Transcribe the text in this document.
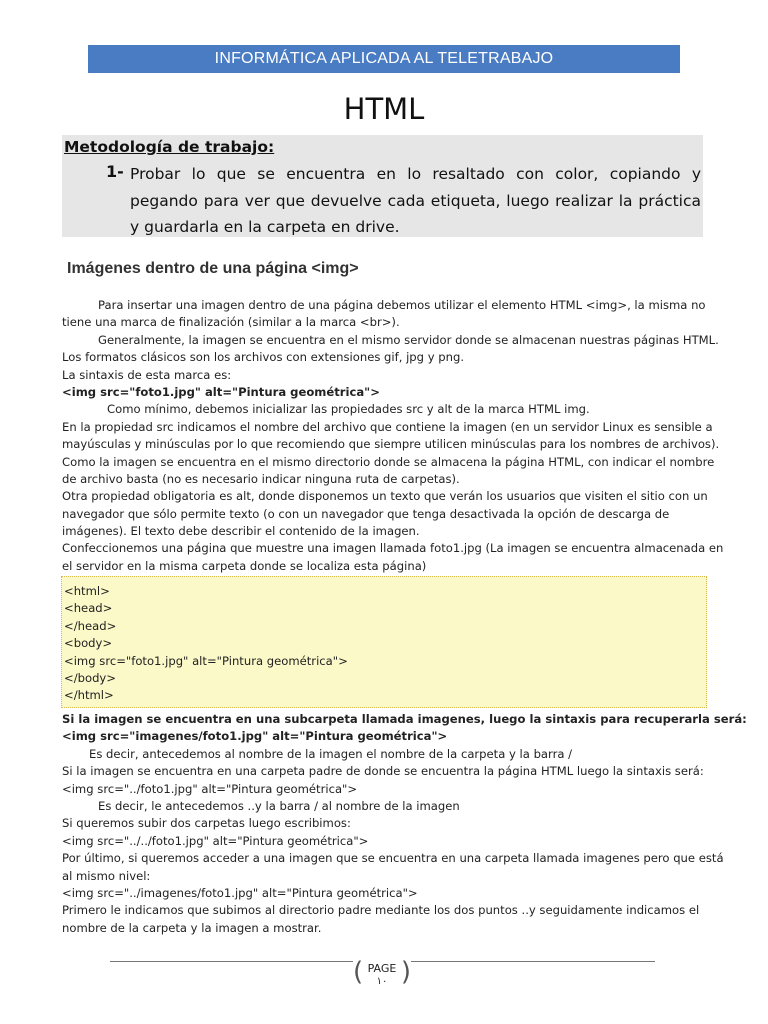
INFORMÁTICA APLICADA AL TELETRABAJO
HTML
Metodología de trabajo:
1- Probar lo que se encuentra en lo resaltado con color, copiando y pegando para ver que devuelve cada etiqueta, luego realizar la práctica y guardarla en la carpeta en drive.
Imágenes dentro de una página <img>
Para insertar una imagen dentro de una página debemos utilizar el elemento HTML <img>, la misma no
tiene una marca de finalización (similar a la marca <br>).
Generalmente, la imagen se encuentra en el mismo servidor donde se almacenan nuestras páginas HTML.
Los formatos clásicos son los archivos con extensiones gif, jpg y png.
La sintaxis de esta marca es:
<img src="foto1.jpg" alt="Pintura geométrica">
Como mínimo, debemos inicializar las propiedades src y alt de la marca HTML img.
En la propiedad src indicamos el nombre del archivo que contiene la imagen (en un servidor Linux es sensible a
mayúsculas y minúsculas por lo que recomiendo que siempre utilicen minúsculas para los nombres de archivos).
Como la imagen se encuentra en el mismo directorio donde se almacena la página HTML, con indicar el nombre
de archivo basta (no es necesario indicar ninguna ruta de carpetas).
Otra propiedad obligatoria es alt, donde disponemos un texto que verán los usuarios que visiten el sitio con un
navegador que sólo permite texto (o con un navegador que tenga desactivada la opción de descarga de
imágenes). El texto debe describir el contenido de la imagen.
Confeccionemos una página que muestre una imagen llamada foto1.jpg (La imagen se encuentra almacenada en
el servidor en la misma carpeta donde se localiza esta página)
<html>
<head>
</head>
<body>
<img src="foto1.jpg" alt="Pintura geométrica">
</body>
</html>
Si la imagen se encuentra en una subcarpeta llamada imagenes, luego la sintaxis para recuperarla será:
<img src="imagenes/foto1.jpg" alt="Pintura geométrica">
Es decir, antecedemos al nombre de la imagen el nombre de la carpeta y la barra /
Si la imagen se encuentra en una carpeta padre de donde se encuentra la página HTML luego la sintaxis será:
<img src="../foto1.jpg" alt="Pintura geométrica">
Es decir, le antecedemos ..y la barra / al nombre de la imagen
Si queremos subir dos carpetas luego escribimos:
<img src="../../foto1.jpg" alt="Pintura geométrica">
Por último, si queremos acceder a una imagen que se encuentra en una carpeta llamada imagenes pero que está
al mismo nivel:
<img src="../imagenes/foto1.jpg" alt="Pintura geométrica">
Primero le indicamos que subimos al directorio padre mediante los dos puntos ..y seguidamente indicamos el
nombre de la carpeta y la imagen a mostrar.
( PAGE
١٠ )
